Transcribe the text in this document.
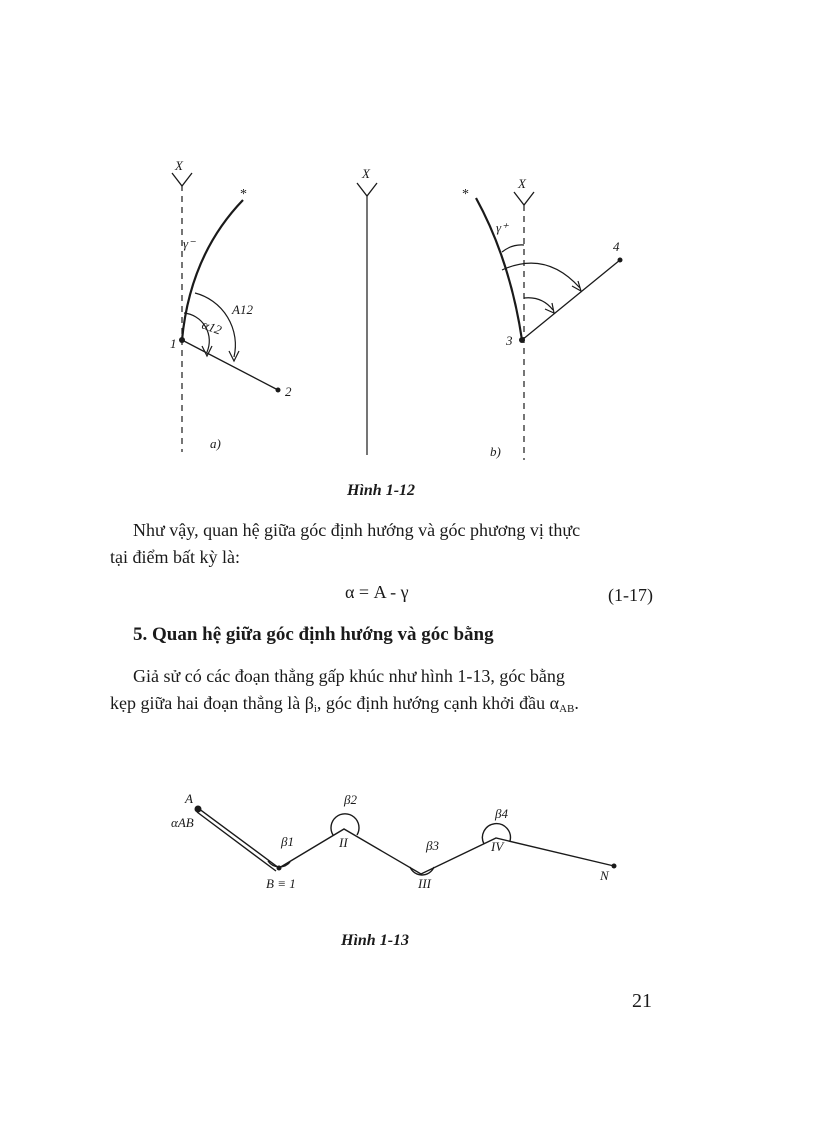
*
X
γ⁻
A12
α12
1
2
a)
X
*
X
γ⁺
3
4
b)
Hình 1-12
Như vậy, quan hệ giữa góc định hướng và góc phương vị thực
tại điểm bất kỳ là:
α = A - γ	(1-17)
5. Quan hệ giữa góc định hướng và góc bằng
Giả sử có các đoạn thẳng gấp khúc như hình 1-13, góc bằng
kẹp giữa hai đoạn thẳng là $\beta_i$, góc định hướng cạnh khởi đầu $\alpha_{AB}$.
A
αAB
B ≡ 1
β1
β2
II	β3
III
β4
IV
N
Hình 1-13
21
